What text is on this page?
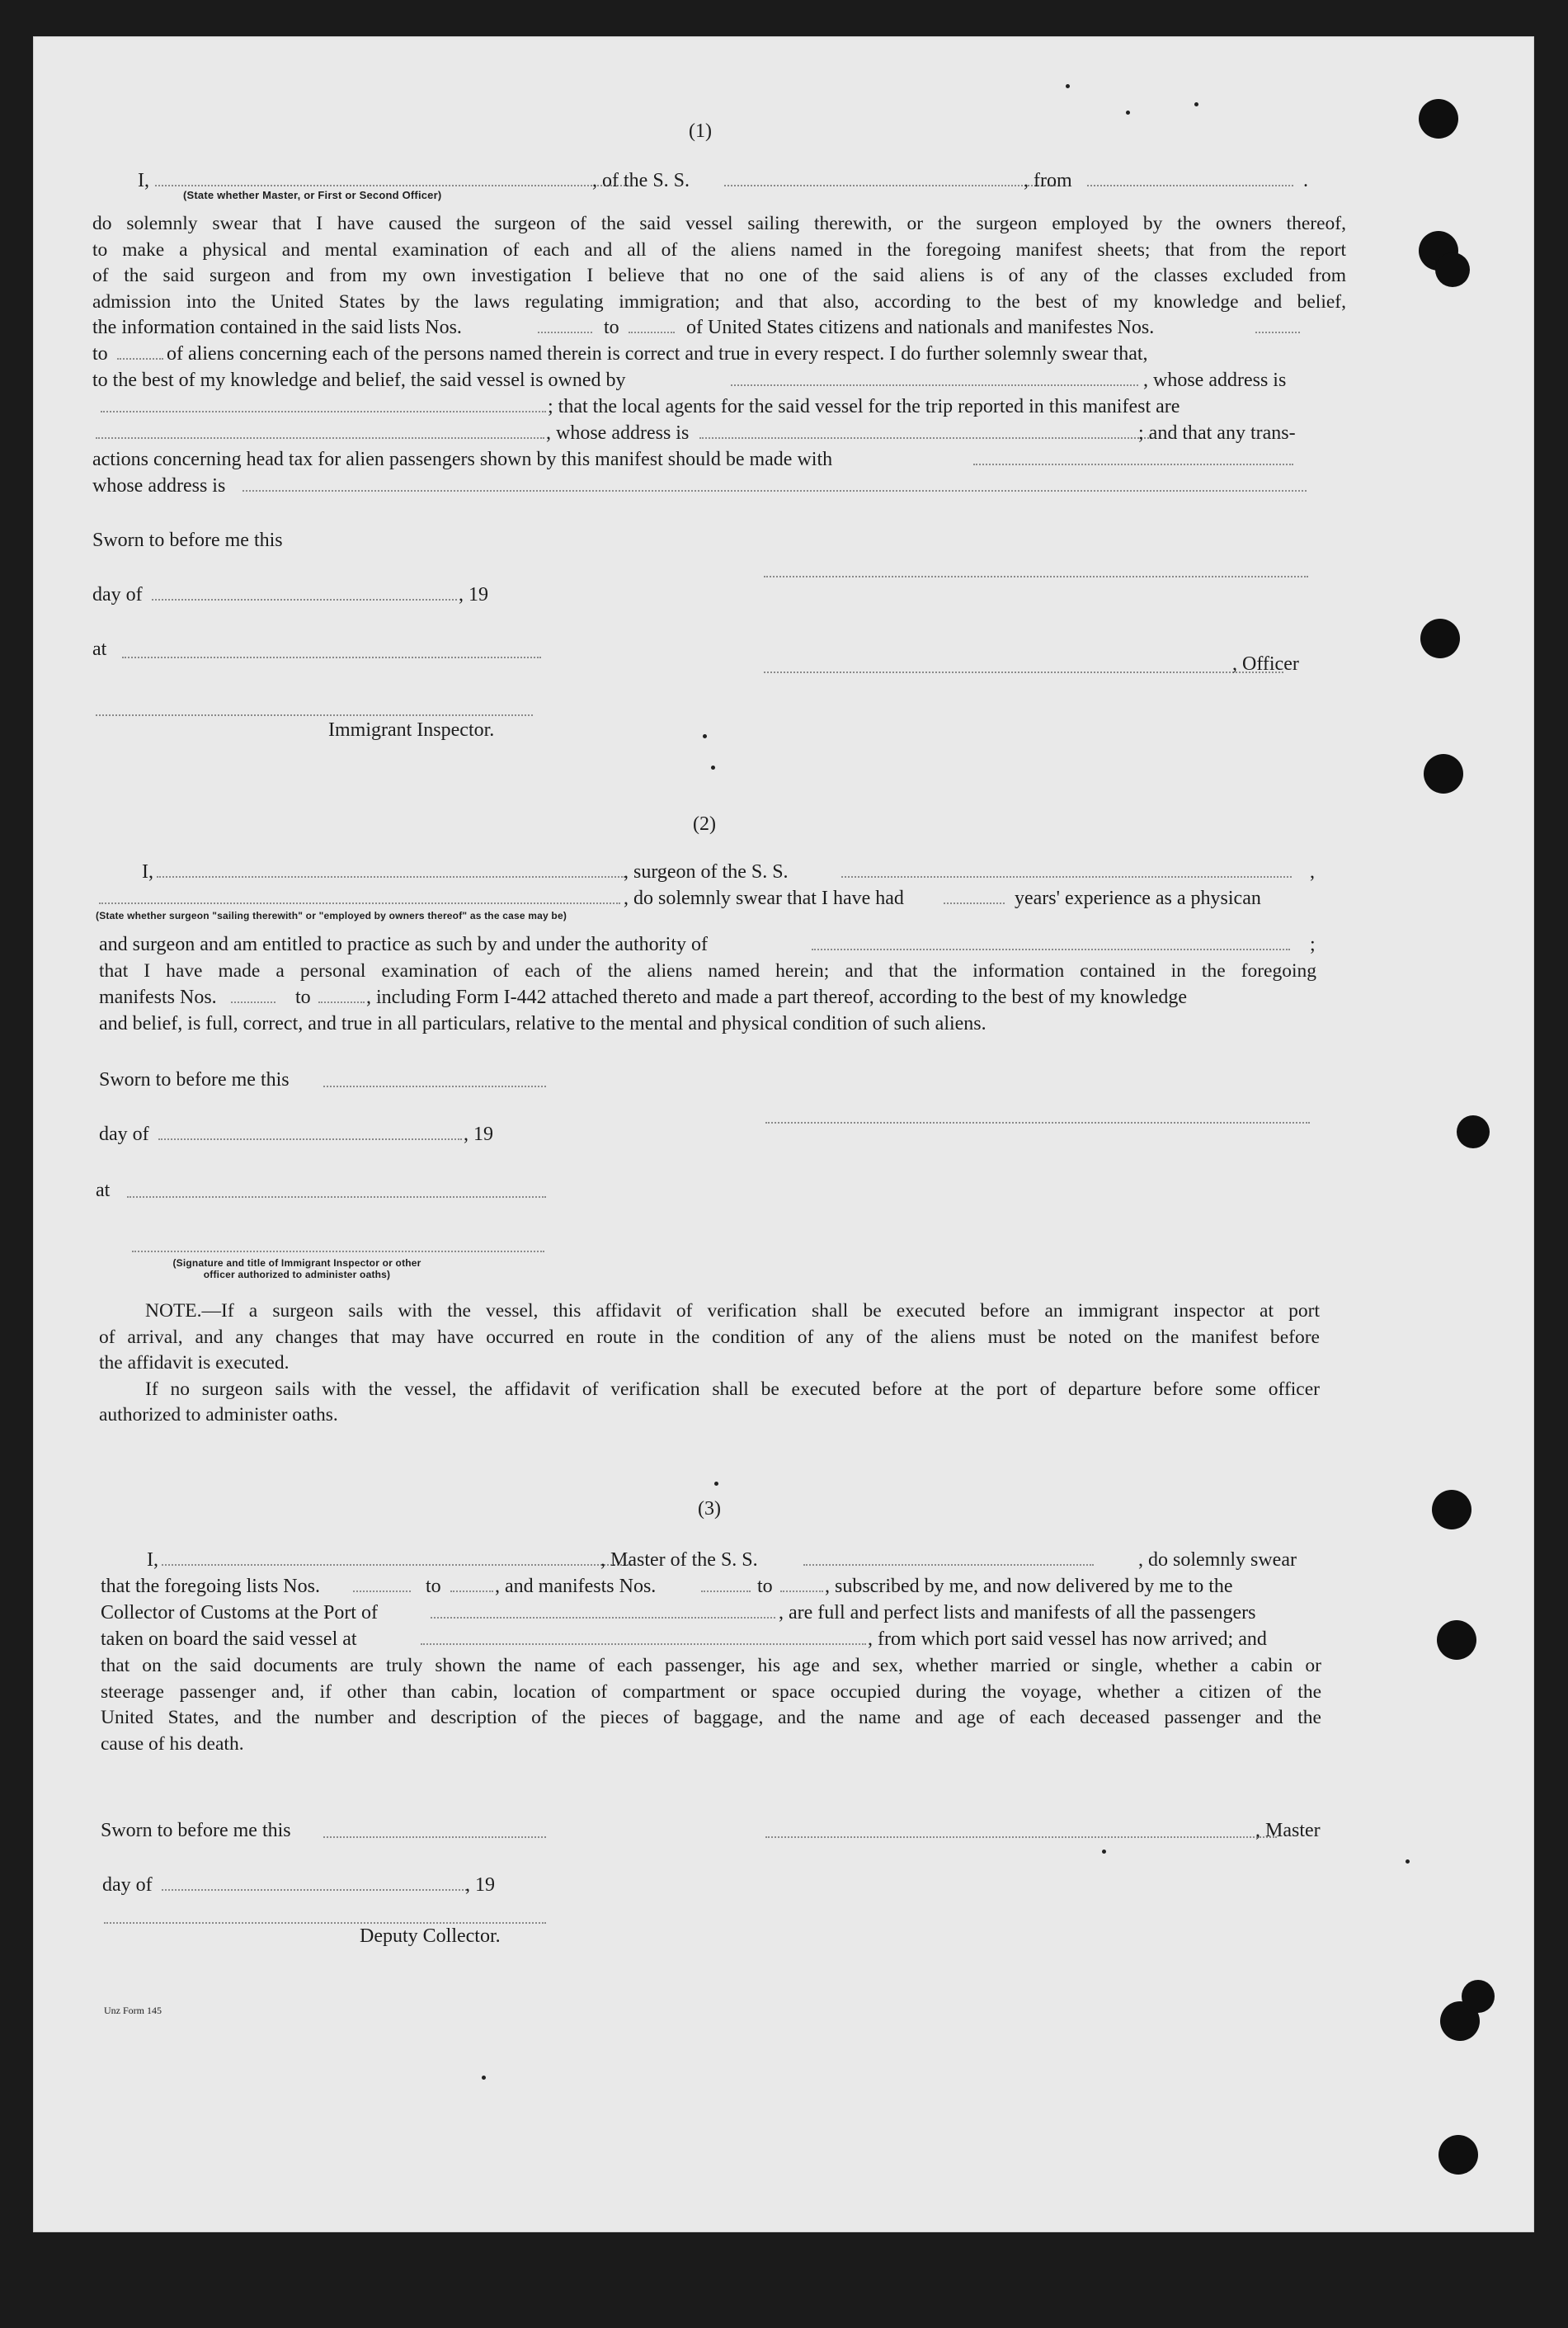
(1)
I,	, of the S. S.	, from	.
(State whether Master, or First or Second Officer)
do solemnly swear that I have caused the surgeon of the said vessel sailing therewith, or the surgeon employed by the owners thereof,
to make a physical and mental examination of each and all of the aliens named in the foregoing manifest sheets; that from the report
of the said surgeon and from my own investigation I believe that no one of the said aliens is of any of the classes excluded from
admission into the United States by the laws regulating immigration; and that also, according to the best of my knowledge and belief,
the information contained in the said lists Nos.	to	of United States citizens and nationals and manifestes Nos.
to	of aliens concerning each of the persons named therein is correct and true in every respect. I do further solemnly swear that,
to the best of my knowledge and belief, the said vessel is owned by	, whose address is
; that the local agents for the said vessel for the trip reported in this manifest are
, whose address is	; and that any trans-
actions concerning head tax for alien passengers shown by this manifest should be made with
whose address is
Sworn to before me this
day of	, 19
at
, Officer
Immigrant Inspector.
(2)
I,	, surgeon of the S. S.	,
, do solemnly swear that I have had	years' experience as a physican
(State whether surgeon "sailing therewith" or "employed by owners thereof" as the case may be)
and surgeon and am entitled to practice as such by and under the authority of	;
that I have made a personal examination of each of the aliens named herein; and that the information contained in the foregoing
manifests Nos.	to	, including Form I-442 attached thereto and made a part thereof, according to the best of my knowledge
and belief, is full, correct, and true in all particulars, relative to the mental and physical condition of such aliens.
Sworn to before me this
day of	, 19
at
(Signature and title of Immigrant Inspector or other
officer authorized to administer oaths)
NOTE.—If a surgeon sails with the vessel, this affidavit of verification shall be executed before an immigrant inspector at port
of arrival, and any changes that may have occurred en route in the condition of any of the aliens must be noted on the manifest before
the affidavit is executed.
If no surgeon sails with the vessel, the affidavit of verification shall be executed before at the port of departure before some officer
authorized to administer oaths.
(3)
I,	, Master of the S. S.	, do solemnly swear
that the foregoing lists Nos.	to	, and manifests Nos.	to	, subscribed by me, and now delivered by me to the
Collector of Customs at the Port of	, are full and perfect lists and manifests of all the passengers
taken on board the said vessel at	, from which port said vessel has now arrived; and
that on the said documents are truly shown the name of each passenger, his age and sex, whether married or single, whether a cabin or
steerage passenger and, if other than cabin, location of compartment or space occupied during the voyage, whether a citizen of the
United States, and the number and description of the pieces of baggage, and the name and age of each deceased passenger and the
cause of his death.
Sworn to before me this	, Master
day of	, 19
Deputy Collector.
Unz Form 145
